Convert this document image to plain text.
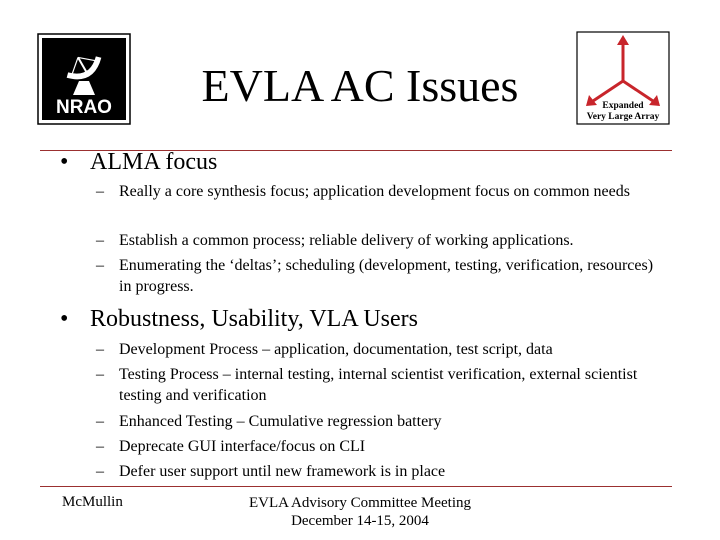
NRAO	Expanded
Very Large Array
EVLA AC Issues
• ALMA focus
– Really a core synthesis focus; application development focus on common needs
– Establish a common process; reliable delivery of working applications.
– Enumerating the ‘deltas’; scheduling (development, testing, verification, resources) in progress.
• Robustness, Usability, VLA Users
– Development Process – application, documentation, test script, data
– Testing Process – internal testing, internal scientist verification, external scientist testing and verification
– Enhanced Testing – Cumulative regression battery
– Deprecate GUI interface/focus on CLI
– Defer user support until new framework is in place
McMullin	EVLA Advisory Committee Meeting
December 14-15, 2004
